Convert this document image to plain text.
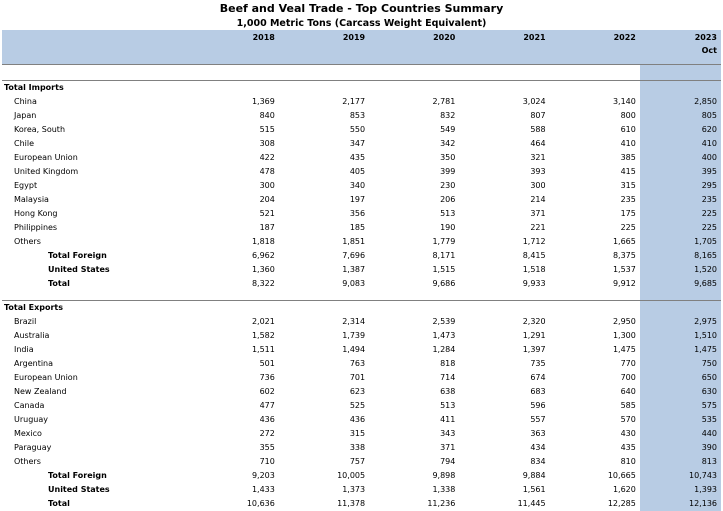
Beef and Veal Trade - Top Countries Summary
1,000 Metric Tons (Carcass Weight Equivalent)
	2018	2019	2020	2021	2022	2023
						Oct

Total Imports						
China	1,369	2,177	2,781	3,024	3,140	2,850
Japan	840	853	832	807	800	805
Korea, South	515	550	549	588	610	620
Chile	308	347	342	464	410	410
European Union	422	435	350	321	385	400
United Kingdom	478	405	399	393	415	395
Egypt	300	340	230	300	315	295
Malaysia	204	197	206	214	235	235
Hong Kong	521	356	513	371	175	225
Philippines	187	185	190	221	225	225
Others	1,818	1,851	1,779	1,712	1,665	1,705
Total Foreign	6,962	7,696	8,171	8,415	8,375	8,165
United States	1,360	1,387	1,515	1,518	1,537	1,520
Total	8,322	9,083	9,686	9,933	9,912	9,685

Total Exports						
Brazil	2,021	2,314	2,539	2,320	2,950	2,975
Australia	1,582	1,739	1,473	1,291	1,300	1,510
India	1,511	1,494	1,284	1,397	1,475	1,475
Argentina	501	763	818	735	770	750
European Union	736	701	714	674	700	650
New Zealand	602	623	638	683	640	630
Canada	477	525	513	596	585	575
Uruguay	436	436	411	557	570	535
Mexico	272	315	343	363	430	440
Paraguay	355	338	371	434	435	390
Others	710	757	794	834	810	813
Total Foreign	9,203	10,005	9,898	9,884	10,665	10,743
United States	1,433	1,373	1,338	1,561	1,620	1,393
Total	10,636	11,378	11,236	11,445	12,285	12,136
